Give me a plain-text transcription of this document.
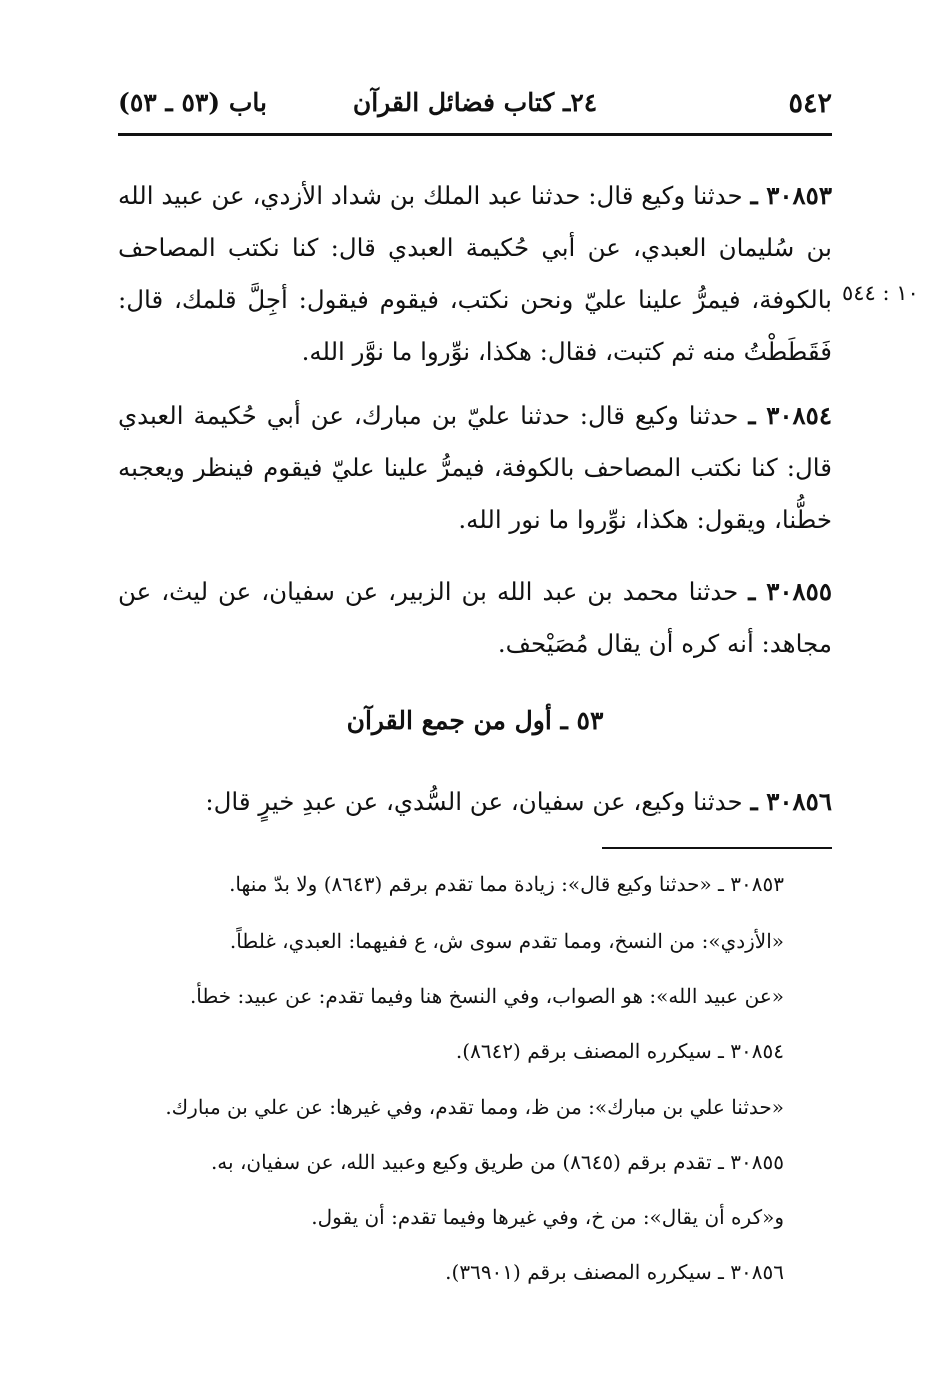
٥٤٢
٢٤ـ كتاب فضائل القرآن
باب (٥٣ ـ ٥٣)
١٠ : ٥٤٤
٣٠٨٥٣ ـ حدثنا وكيع قال: حدثنا عبد الملك بن شداد الأزدي، عن عبيد الله بن سُليمان العبدي، عن أبي حُكيمة العبدي قال: كنا نكتب المصاحف بالكوفة، فيمرُّ علينا عليّ ونحن نكتب، فيقوم فيقول: أجِلَّ قلمك، قال: فَقَطَطْتُ منه ثم كتبت، فقال: هكذا، نوِّروا ما نوَّر الله.
٣٠٨٥٤ ـ حدثنا وكيع قال: حدثنا عليّ بن مبارك، عن أبي حُكيمة العبدي قال: كنا نكتب المصاحف بالكوفة، فيمرُّ علينا عليّ فيقوم فينظر ويعجبه خطُّنا، ويقول: هكذا، نوِّروا ما نور الله.
٣٠٨٥٥ ـ حدثنا محمد بن عبد الله بن الزبير، عن سفيان، عن ليث، عن مجاهد: أنه كره أن يقال مُصَيْحف.
٥٣ ـ أول من جمع القرآن
٣٠٨٥٦ ـ حدثنا وكيع، عن سفيان، عن السُّدي، عن عبدِ خيرٍ قال:
٣٠٨٥٣ ـ «حدثنا وكيع قال»: زيادة مما تقدم برقم (٨٦٤٣) ولا بدّ منها.
«الأزدي»: من النسخ، ومما تقدم سوى ش، ع ففيهما: العبدي، غلطاً.
«عن عبيد الله»: هو الصواب، وفي النسخ هنا وفيما تقدم: عن عبيد: خطأ.
٣٠٨٥٤ ـ سيكرره المصنف برقم (٨٦٤٢).
«حدثنا علي بن مبارك»: من ظ، ومما تقدم، وفي غيرها: عن علي بن مبارك.
٣٠٨٥٥ ـ تقدم برقم (٨٦٤٥) من طريق وكيع وعبيد الله، عن سفيان، به.
و«كره أن يقال»: من خ، وفي غيرها وفيما تقدم: أن يقول.
٣٠٨٥٦ ـ سيكرره المصنف برقم (٣٦٩٠١).
